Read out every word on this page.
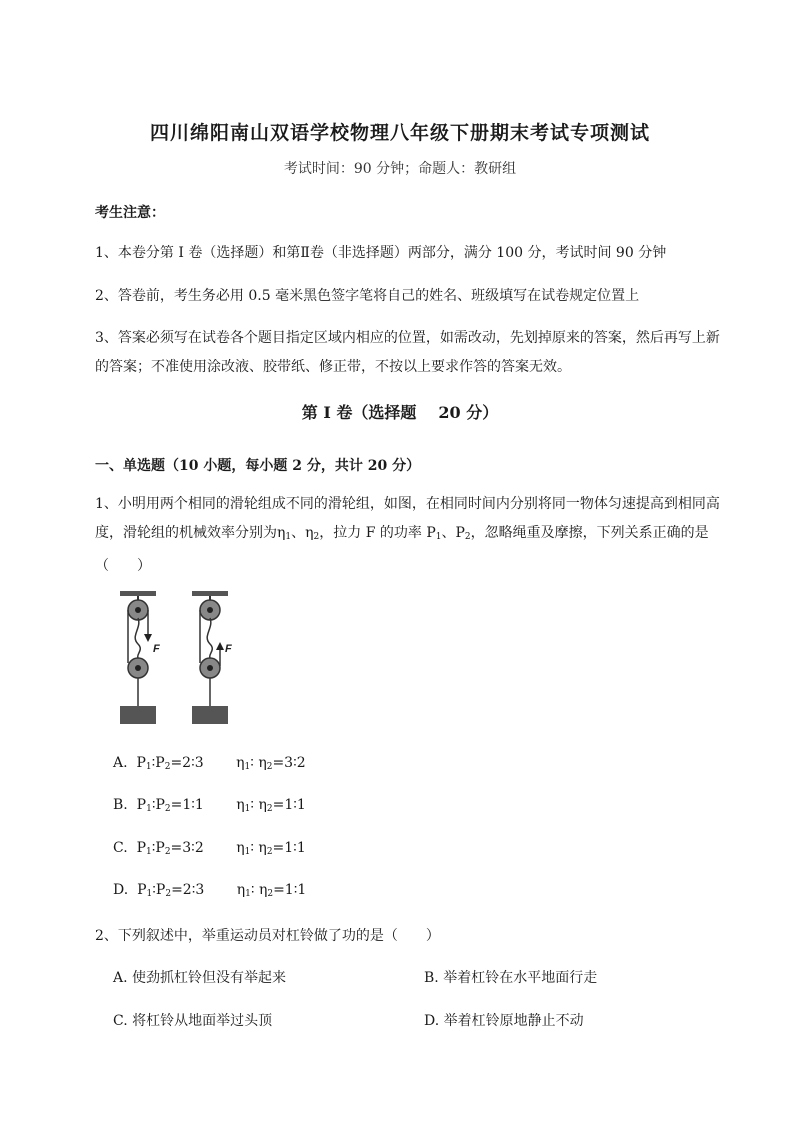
四川绵阳南山双语学校物理八年级下册期末考试专项测试
考试时间：90 分钟；命题人：教研组
考生注意：
1、本卷分第 I 卷（选择题）和第Ⅱ卷（非选择题）两部分，满分 100 分，考试时间 90 分钟
2、答卷前，考生务必用 0.5 毫米黑色签字笔将自己的姓名、班级填写在试卷规定位置上
3、答案必须写在试卷各个题目指定区域内相应的位置，如需改动，先划掉原来的答案，然后再写上新的答案；不准使用涂改液、胶带纸、修正带，不按以上要求作答的答案无效。
第 I 卷（选择题 20 分）
一、单选题（10 小题，每小题 2 分，共计 20 分）
1、小明用两个相同的滑轮组成不同的滑轮组，如图，在相同时间内分别将同一物体匀速提高到相同高度，滑轮组的机械效率分别为$\eta_1$、$\eta_2$，拉力 F 的功率 $P_1$、$P_2$，忽略绳重及摩擦，下列关系正确的是（　　）
F	F
A. $P_1∶P_2=2∶3$ $\eta_1∶$ $\eta_2=3∶2$
B. $P_1∶P_2=1∶1$ $\eta_1∶$ $\eta_2=1∶1$
C. $P_1∶P_2=3∶2$ $\eta_1∶$ $\eta_2=1∶1$
D. $P_1∶P_2=2∶3$ $\eta_1∶$ $\eta_2=1∶1$
2、下列叙述中，举重运动员对杠铃做了功的是（　　）
A. 使劲抓杠铃但没有举起来	B. 举着杠铃在水平地面行走
C. 将杠铃从地面举过头顶	D. 举着杠铃原地静止不动
